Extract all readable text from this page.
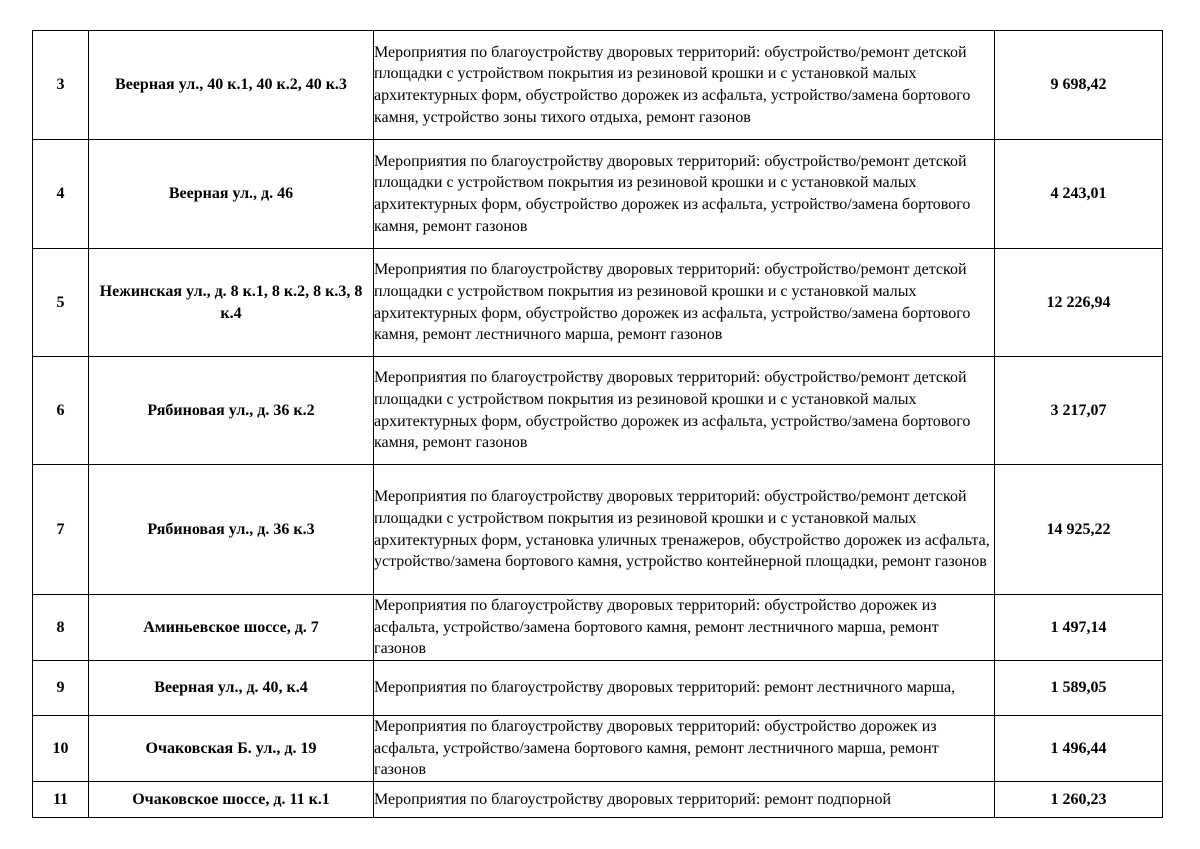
3	Веерная ул., 40 к.1, 40 к.2, 40 к.3	Мероприятия по благоустройству дворовых территорий: обустройство/ремонт детской площадки с устройством покрытия из резиновой крошки и с установкой малых архитектурных форм, обустройство дорожек из асфальта, устройство/замена бортового камня, устройство зоны тихого отдыха, ремонт газонов	9 698,42
4	Веерная ул., д. 46	Мероприятия по благоустройству дворовых территорий: обустройство/ремонт детской площадки с устройством покрытия из резиновой крошки и с установкой малых архитектурных форм, обустройство дорожек из асфальта, устройство/замена бортового камня, ремонт газонов	4 243,01
5	Нежинская ул., д. 8 к.1, 8 к.2, 8 к.3, 8 к.4	Мероприятия по благоустройству дворовых территорий: обустройство/ремонт детской площадки с устройством покрытия из резиновой крошки и с установкой малых архитектурных форм, обустройство дорожек из асфальта, устройство/замена бортового камня, ремонт лестничного марша, ремонт газонов	12 226,94
6	Рябиновая ул., д. 36 к.2	Мероприятия по благоустройству дворовых территорий: обустройство/ремонт детской площадки с устройством покрытия из резиновой крошки и с установкой малых архитектурных форм, обустройство дорожек из асфальта, устройство/замена бортового камня, ремонт газонов	3 217,07
7	Рябиновая ул., д. 36 к.3	Мероприятия по благоустройству дворовых территорий: обустройство/ремонт детской площадки с устройством покрытия из резиновой крошки и с установкой малых архитектурных форм, установка уличных тренажеров, обустройство дорожек из асфальта, устройство/замена бортового камня, устройство контейнерной площадки, ремонт газонов	14 925,22
8	Аминьевское шоссе, д. 7	Мероприятия по благоустройству дворовых территорий: обустройство дорожек из асфальта, устройство/замена бортового камня, ремонт лестничного марша, ремонт газонов	1 497,14
9	Веерная ул., д. 40, к.4	Мероприятия по благоустройству дворовых территорий: ремонт лестничного марша,	1 589,05
10	Очаковская Б. ул., д. 19	Мероприятия по благоустройству дворовых территорий: обустройство дорожек из асфальта, устройство/замена бортового камня, ремонт лестничного марша, ремонт газонов	1 496,44
11	Очаковское шоссе, д. 11 к.1	Мероприятия по благоустройству дворовых территорий: ремонт подпорной	1 260,23
